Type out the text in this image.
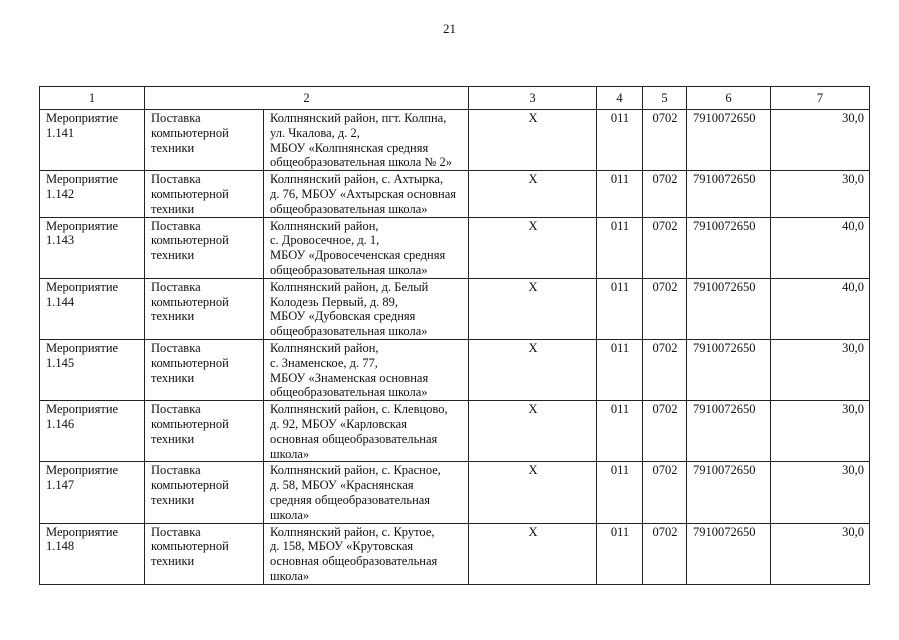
21
1	2		3	4	5	6	7

Мероприятие
1.141	Поставка
компьютерной
техники	Колпнянский район, пгт. Колпна,
ул. Чкалова, д. 2,
МБОУ «Колпнянская средняя
общеобразовательная школа № 2»	Х	011	0702	7910072650	30,0

Мероприятие
1.142	Поставка
компьютерной
техники	Колпнянский район, с. Ахтырка,
д. 76, МБОУ «Ахтырская основная
общеобразовательная школа»	Х	011	0702	7910072650	30,0

Мероприятие
1.143	Поставка
компьютерной
техники	Колпнянский район,
с. Дровосечное, д. 1,
МБОУ «Дровосеченская средняя
общеобразовательная школа»	Х	011	0702	7910072650	40,0

Мероприятие
1.144	Поставка
компьютерной
техники	Колпнянский район, д. Белый
Колодезь Первый, д. 89,
МБОУ «Дубовская средняя
общеобразовательная школа»	Х	011	0702	7910072650	40,0

Мероприятие
1.145	Поставка
компьютерной
техники	Колпнянский район,
с. Знаменское, д. 77,
МБОУ «Знаменская основная
общеобразовательная школа»	Х	011	0702	7910072650	30,0

Мероприятие
1.146	Поставка
компьютерной
техники	Колпнянский район, с. Клевцово,
д. 92, МБОУ «Карловская
основная общеобразовательная
школа»	Х	011	0702	7910072650	30,0

Мероприятие
1.147	Поставка
компьютерной
техники	Колпнянский район, с. Красное,
д. 58, МБОУ «Краснянская
средняя общеобразовательная
школа»	Х	011	0702	7910072650	30,0

Мероприятие
1.148	Поставка
компьютерной
техники	Колпнянский район, с. Крутое,
д. 158, МБОУ «Крутовская
основная общеобразовательная
школа»	Х	011	0702	7910072650	30,0
